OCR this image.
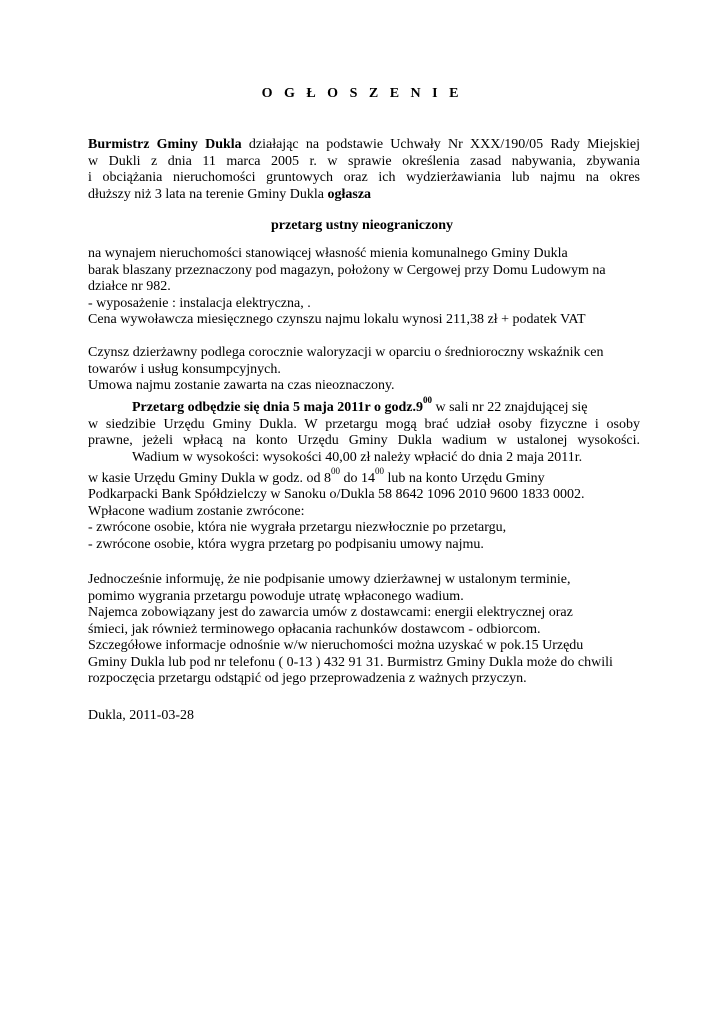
O G Ł O S Z E N I E
Burmistrz Gminy Dukla działając na podstawie Uchwały Nr XXX/190/05 Rady Miejskiej
w Dukli z dnia 11 marca 2005 r. w sprawie określenia zasad nabywania, zbywania
i obciążania nieruchomości gruntowych oraz ich wydzierżawiania lub najmu na okres
dłuższy niż 3 lata na terenie Gminy Dukla ogłasza
przetarg ustny nieograniczony
na wynajem nieruchomości stanowiącej własność mienia komunalnego Gminy Dukla
barak blaszany przeznaczony pod magazyn, położony w Cergowej przy Domu Ludowym na
działce nr 982.
- wyposażenie : instalacja elektryczna, .
Cena wywoławcza miesięcznego czynszu najmu lokalu wynosi 211,38 zł + podatek VAT
Czynsz dzierżawny podlega corocznie waloryzacji w oparciu o średnioroczny wskaźnik cen
towarów i usług konsumpcyjnych.
Umowa najmu zostanie zawarta na czas nieoznaczony.
Przetarg odbędzie się dnia 5 maja 2011r o $godz.9^{00}$ w sali nr 22 znajdującej się
w siedzibie Urzędu Gminy Dukla. W przetargu mogą brać udział osoby fizyczne i osoby
prawne, jeżeli wpłacą na konto Urzędu Gminy Dukla wadium w ustalonej wysokości.
Wadium w wysokości: wysokości 40,00 zł należy wpłacić do dnia 2 maja 2011r.
w kasie Urzędu Gminy Dukla w godz. od $8^{00}$ do $14^{00}$ lub na konto Urzędu Gminy
Podkarpacki Bank Spółdzielczy w Sanoku o/Dukla 58 8642 1096 2010 9600 1833 0002.
Wpłacone wadium zostanie zwrócone:
- zwrócone osobie, która nie wygrała przetargu niezwłocznie po przetargu,
- zwrócone osobie, która wygra przetarg po podpisaniu umowy najmu.
Jednocześnie informuję, że nie podpisanie umowy dzierżawnej w ustalonym terminie,
pomimo wygrania przetargu powoduje utratę wpłaconego wadium.
Najemca zobowiązany jest do zawarcia umów z dostawcami: energii elektrycznej oraz
śmieci, jak również terminowego opłacania rachunków dostawcom - odbiorcom.
Szczegółowe informacje odnośnie w/w nieruchomości można uzyskać w pok.15 Urzędu
Gminy Dukla lub pod nr telefonu ( 0-13 ) 432 91 31. Burmistrz Gminy Dukla może do chwili
rozpoczęcia przetargu odstąpić od jego przeprowadzenia z ważnych przyczyn.
Dukla, 2011-03-28
